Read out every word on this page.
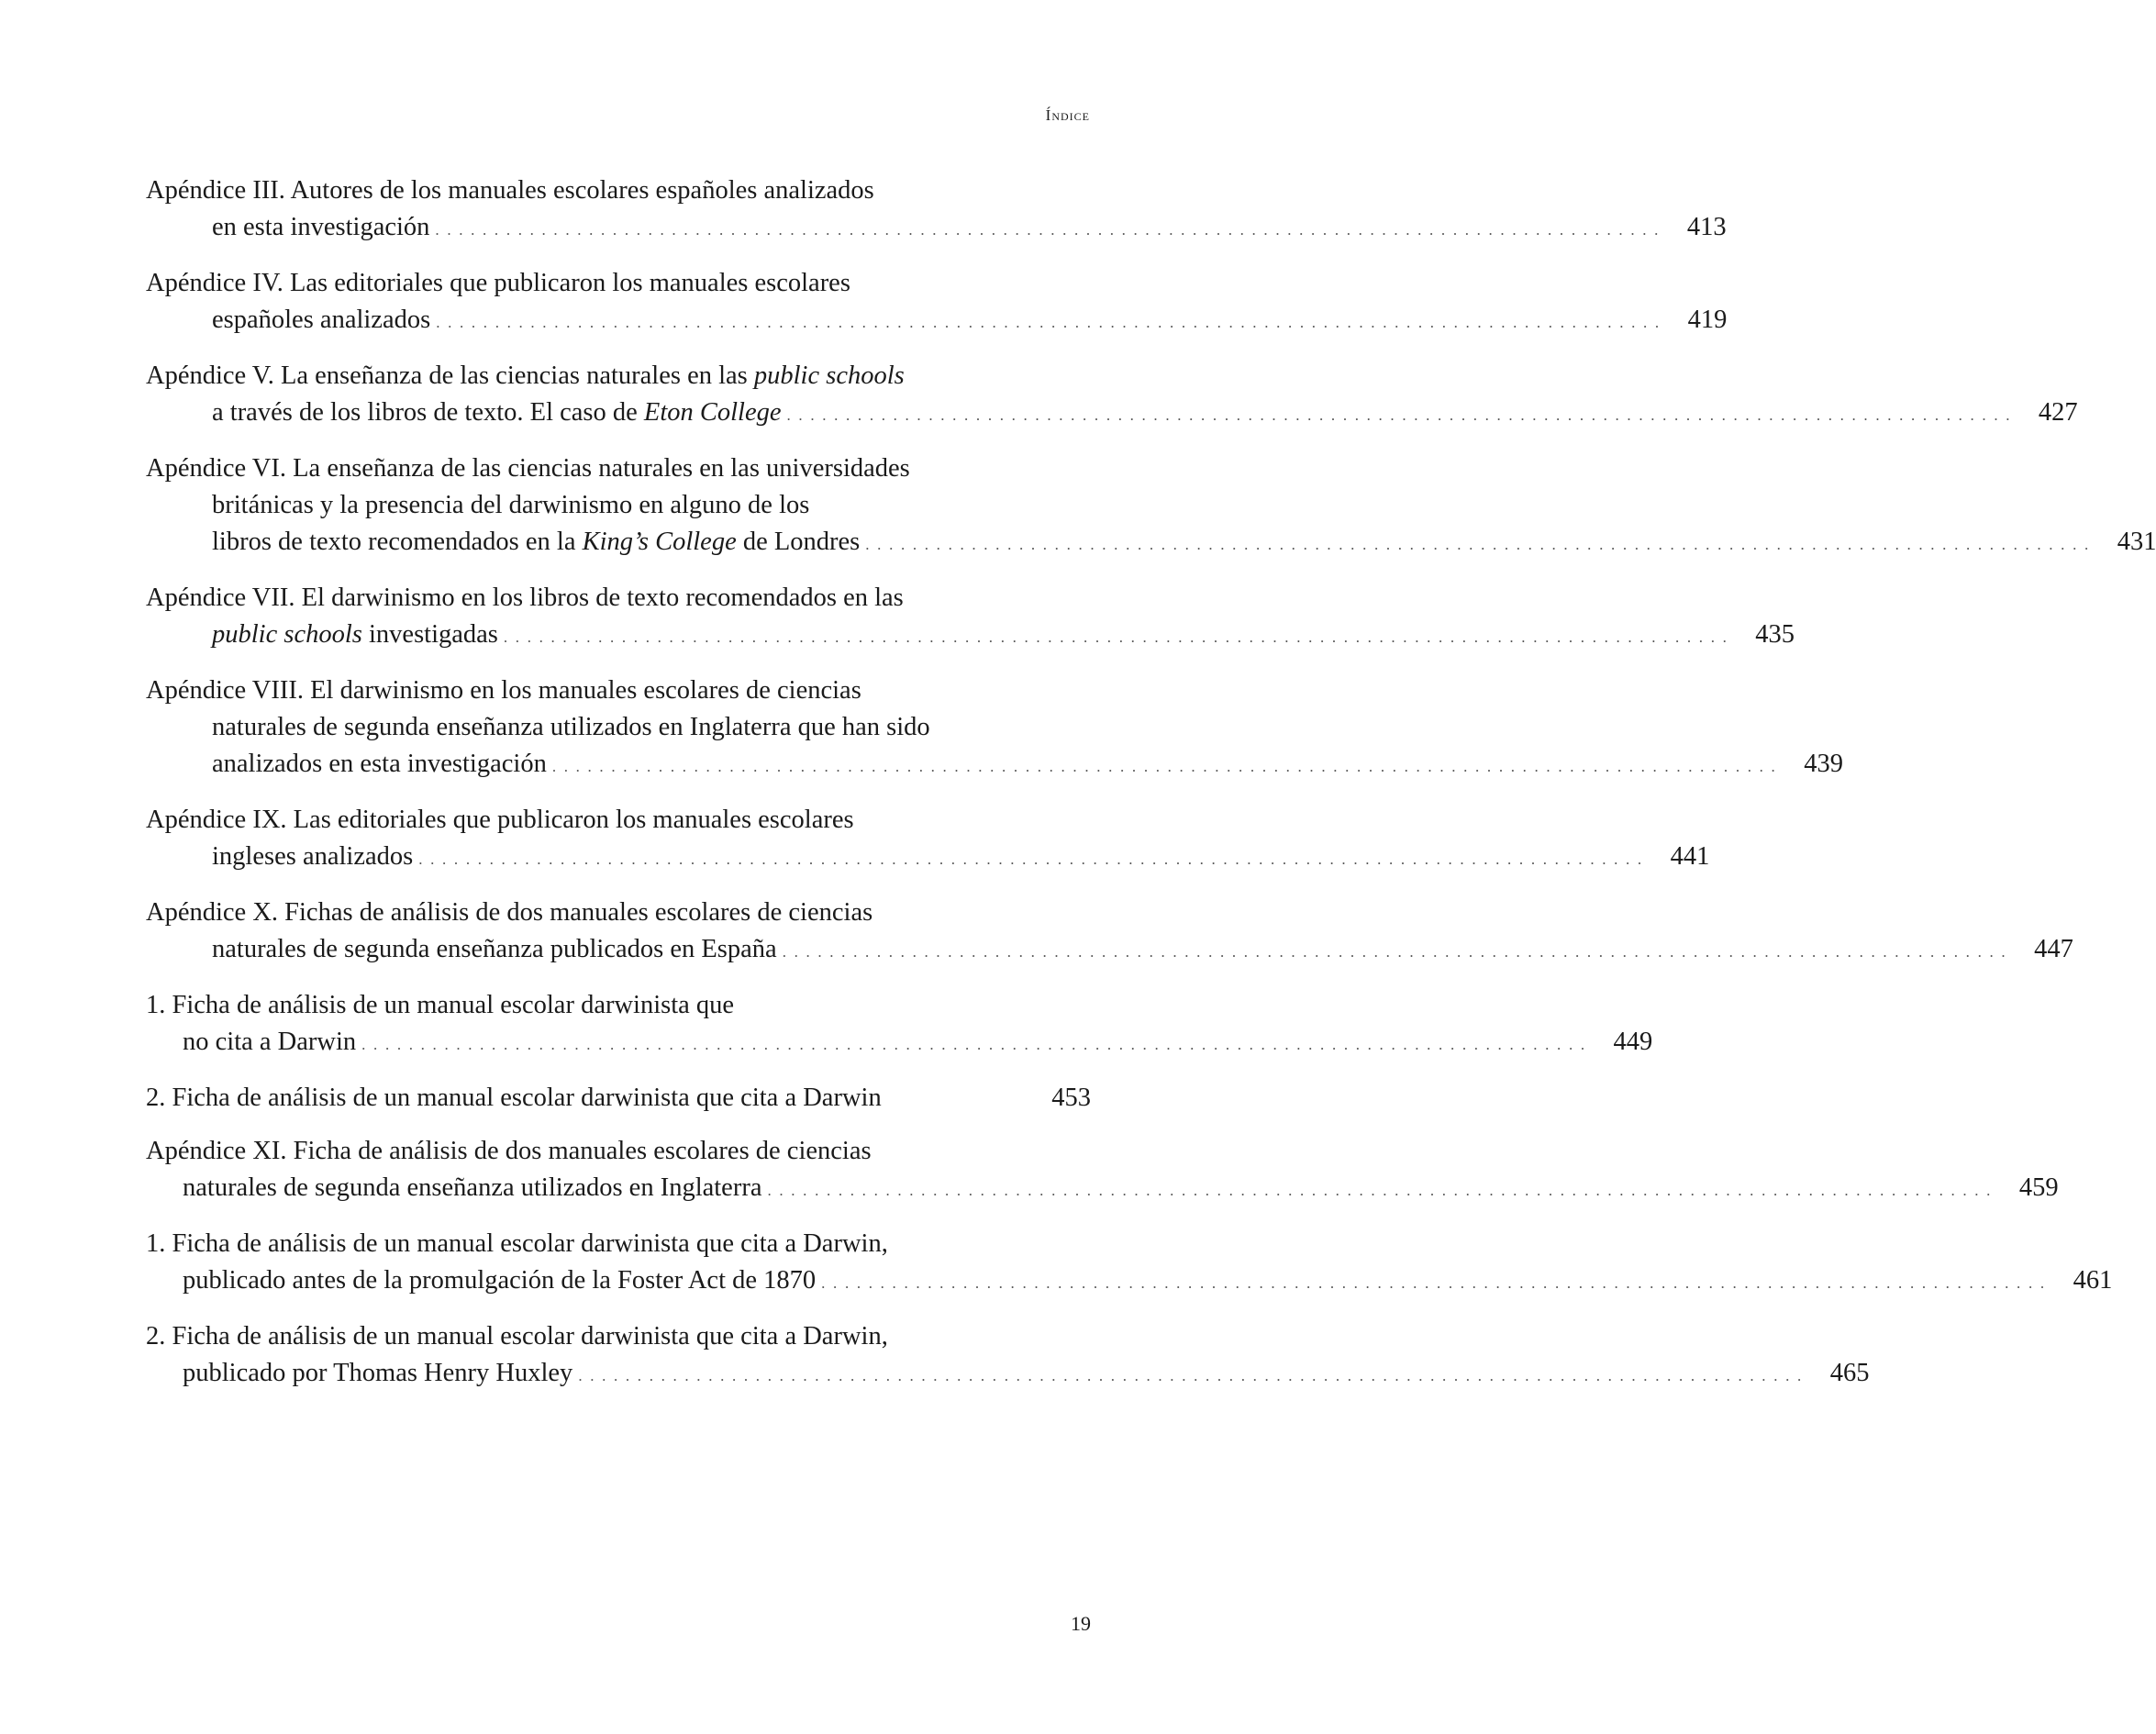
Índice
Apéndice III. Autores de los manuales escolares españoles analizados
en esta investigación . . . . . . . . . . . . . . . . . . . . . . . . . . . . . . . . . . . . . . . . . . . . . . . . . . . . . . . . . . . . . . . . . . . . . . . . . . . . . . . . . . . . . . . . . . . . . . . . . . . . . . . .	413
Apéndice IV. Las editoriales que publicaron los manuales escolares
españoles analizados . . . . . . . . . . . . . . . . . . . . . . . . . . . . . . . . . . . . . . . . . . . . . . . . . . . . . . . . . . . . . . . . . . . . . . . . . . . . . . . . . . . . . . . . . . . . . . . . . . . . . . . .	419
Apéndice V. La enseñanza de las ciencias naturales en las public schools
a través de los libros de texto. El caso de Eton College . . . . . . . . . . . . . . . . . . . . . . . . . . . . . . . . . . . . . . . . . . . . . . . . . . . . . . . . . . . . . . . . . . . . . . . . . . . . . . . . . . . . . . . . . . . . . . . . . . . . . . . .	427
Apéndice VI. La enseñanza de las ciencias naturales en las universidades
británicas y la presencia del darwinismo en alguno de los
libros de texto recomendados en la King’s College de Londres . . . . . . . . . . . . . . . . . . . . . . . . . . . . . . . . . . . . . . . . . . . . . . . . . . . . . . . . . . . . . . . . . . . . . . . . . . . . . . . . . . . . . . . . . . . . . . . . . . . . . . . .	431
Apéndice VII. El darwinismo en los libros de texto recomendados en las
public schools investigadas . . . . . . . . . . . . . . . . . . . . . . . . . . . . . . . . . . . . . . . . . . . . . . . . . . . . . . . . . . . . . . . . . . . . . . . . . . . . . . . . . . . . . . . . . . . . . . . . . . . . . . . .	435
Apéndice VIII. El darwinismo en los manuales escolares de ciencias
naturales de segunda enseñanza utilizados en Inglaterra que han sido
analizados en esta investigación . . . . . . . . . . . . . . . . . . . . . . . . . . . . . . . . . . . . . . . . . . . . . . . . . . . . . . . . . . . . . . . . . . . . . . . . . . . . . . . . . . . . . . . . . . . . . . . . . . . . . . . .	439
Apéndice IX. Las editoriales que publicaron los manuales escolares
ingleses analizados . . . . . . . . . . . . . . . . . . . . . . . . . . . . . . . . . . . . . . . . . . . . . . . . . . . . . . . . . . . . . . . . . . . . . . . . . . . . . . . . . . . . . . . . . . . . . . . . . . . . . . . .	441
Apéndice X. Fichas de análisis de dos manuales escolares de ciencias
naturales de segunda enseñanza publicados en España . . . . . . . . . . . . . . . . . . . . . . . . . . . . . . . . . . . . . . . . . . . . . . . . . . . . . . . . . . . . . . . . . . . . . . . . . . . . . . . . . . . . . . . . . . . . . . . . . . . . . . . .	447
1. Ficha de análisis de un manual escolar darwinista que
no cita a Darwin . . . . . . . . . . . . . . . . . . . . . . . . . . . . . . . . . . . . . . . . . . . . . . . . . . . . . . . . . . . . . . . . . . . . . . . . . . . . . . . . . . . . . . . . . . . . . . . . . . . . . . . .	449
2. Ficha de análisis de un manual escolar darwinista que cita a Darwin	453
Apéndice XI. Ficha de análisis de dos manuales escolares de ciencias
naturales de segunda enseñanza utilizados en Inglaterra . . . . . . . . . . . . . . . . . . . . . . . . . . . . . . . . . . . . . . . . . . . . . . . . . . . . . . . . . . . . . . . . . . . . . . . . . . . . . . . . . . . . . . . . . . . . . . . . . . . . . . . .	459
1. Ficha de análisis de un manual escolar darwinista que cita a Darwin,
publicado antes de la promulgación de la Foster Act de 1870 . . . . . . . . . . . . . . . . . . . . . . . . . . . . . . . . . . . . . . . . . . . . . . . . . . . . . . . . . . . . . . . . . . . . . . . . . . . . . . . . . . . . . . . . . . . . . . . . . . . . . . . .	461
2. Ficha de análisis de un manual escolar darwinista que cita a Darwin,
publicado por Thomas Henry Huxley . . . . . . . . . . . . . . . . . . . . . . . . . . . . . . . . . . . . . . . . . . . . . . . . . . . . . . . . . . . . . . . . . . . . . . . . . . . . . . . . . . . . . . . . . . . . . . . . . . . . . . . .	465
19
